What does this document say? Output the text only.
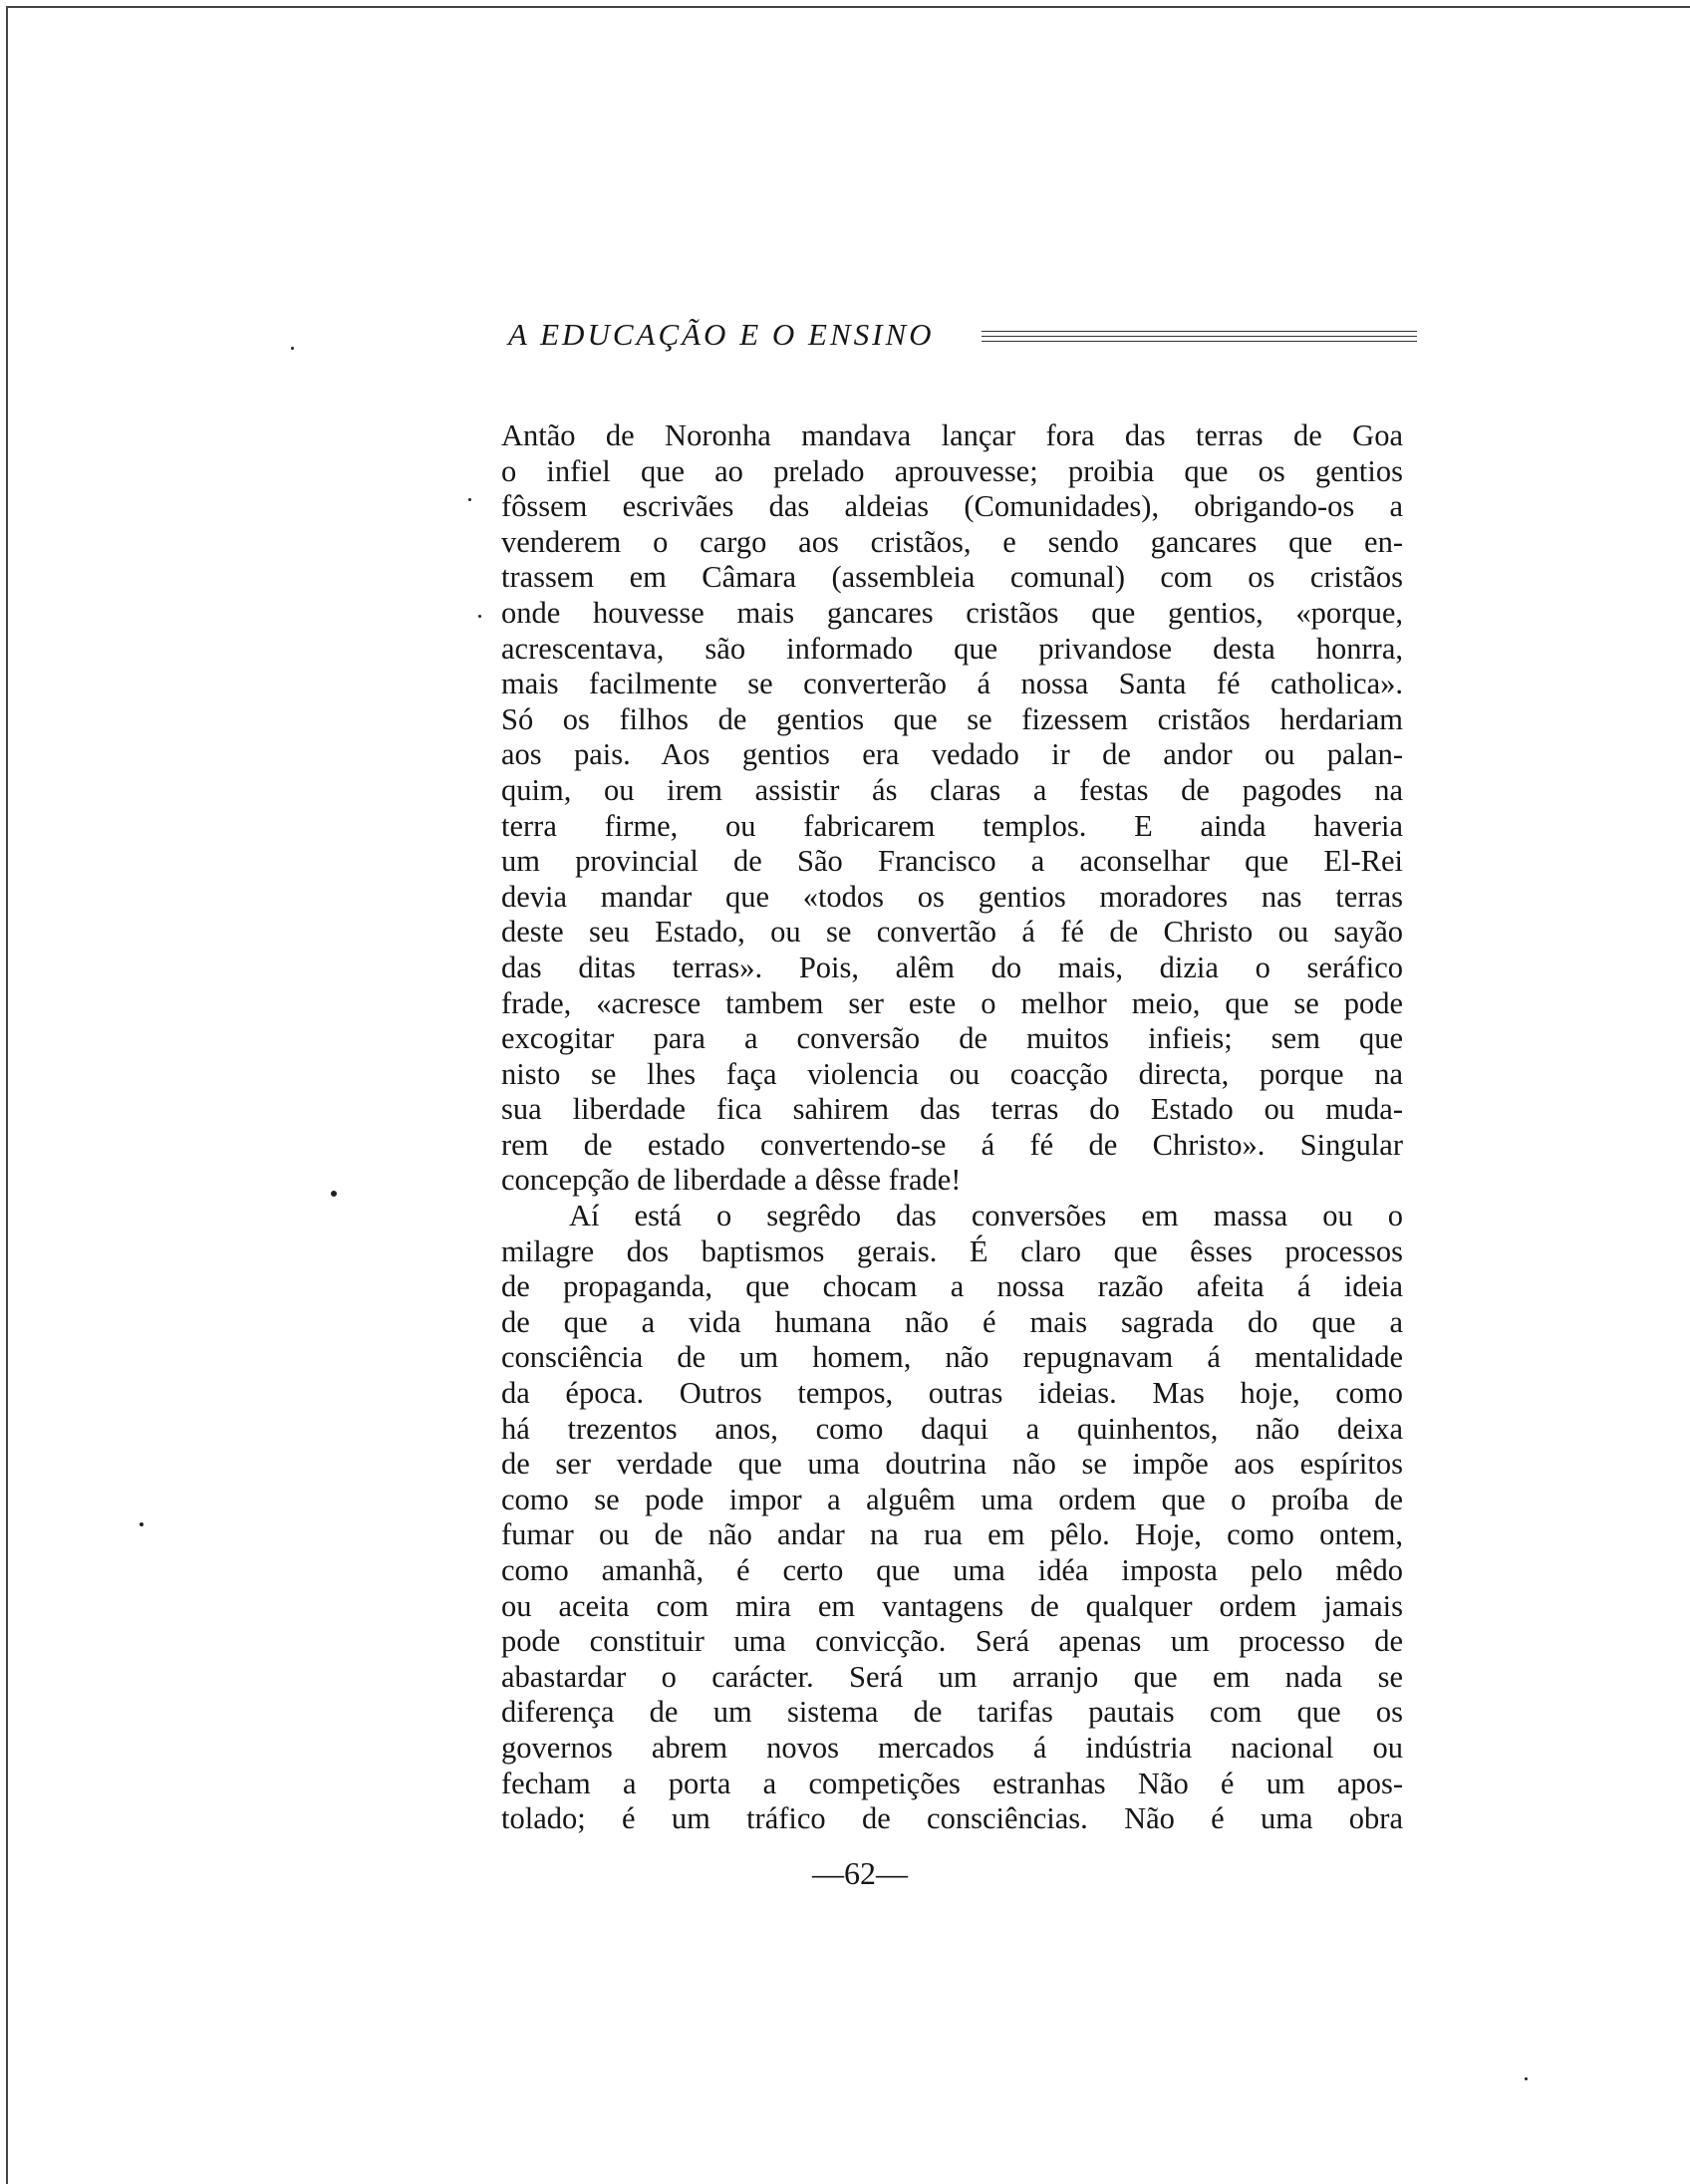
A EDUCAÇÃO E O ENSINO
Antão de Noronha mandava lançar fora das terras de Goa
o infiel que ao prelado aprouvesse; proibia que os gentios
fôssem escrivães das aldeias (Comunidades), obrigando-os a
venderem o cargo aos cristãos, e sendo gancares que en-
trassem em Câmara (assembleia comunal) com os cristãos
onde houvesse mais gancares cristãos que gentios, «porque,
acrescentava, são informado que privandose desta honrra,
mais facilmente se converterão á nossa Santa fé catholica».
Só os filhos de gentios que se fizessem cristãos herdariam
aos pais. Aos gentios era vedado ir de andor ou palan-
quim, ou irem assistir ás claras a festas de pagodes na
terra firme, ou fabricarem templos. E ainda haveria
um provincial de São Francisco a aconselhar que El-Rei
devia mandar que «todos os gentios moradores nas terras
deste seu Estado, ou se convertão á fé de Christo ou sayão
das ditas terras». Pois, alêm do mais, dizia o seráfico
frade, «acresce tambem ser este o melhor meio, que se pode
excogitar para a conversão de muitos infieis; sem que
nisto se lhes faça violencia ou coacção directa, porque na
sua liberdade fica sahirem das terras do Estado ou muda-
rem de estado convertendo-se á fé de Christo». Singular
concepção de liberdade a dêsse frade!
Aí está o segrêdo das conversões em massa ou o
milagre dos baptismos gerais. É claro que êsses processos
de propaganda, que chocam a nossa razão afeita á ideia
de que a vida humana não é mais sagrada do que a
consciência de um homem, não repugnavam á mentalidade
da época. Outros tempos, outras ideias. Mas hoje, como
há trezentos anos, como daqui a quinhentos, não deixa
de ser verdade que uma doutrina não se impõe aos espíritos
como se pode impor a alguêm uma ordem que o proíba de
fumar ou de não andar na rua em pêlo. Hoje, como ontem,
como amanhã, é certo que uma idéa imposta pelo mêdo
ou aceita com mira em vantagens de qualquer ordem jamais
pode constituir uma convicção. Será apenas um processo de
abastardar o carácter. Será um arranjo que em nada se
diferença de um sistema de tarifas pautais com que os
governos abrem novos mercados á indústria nacional ou
fecham a porta a competições estranhas Não é um apos-
tolado; é um tráfico de consciências. Não é uma obra
—62—
